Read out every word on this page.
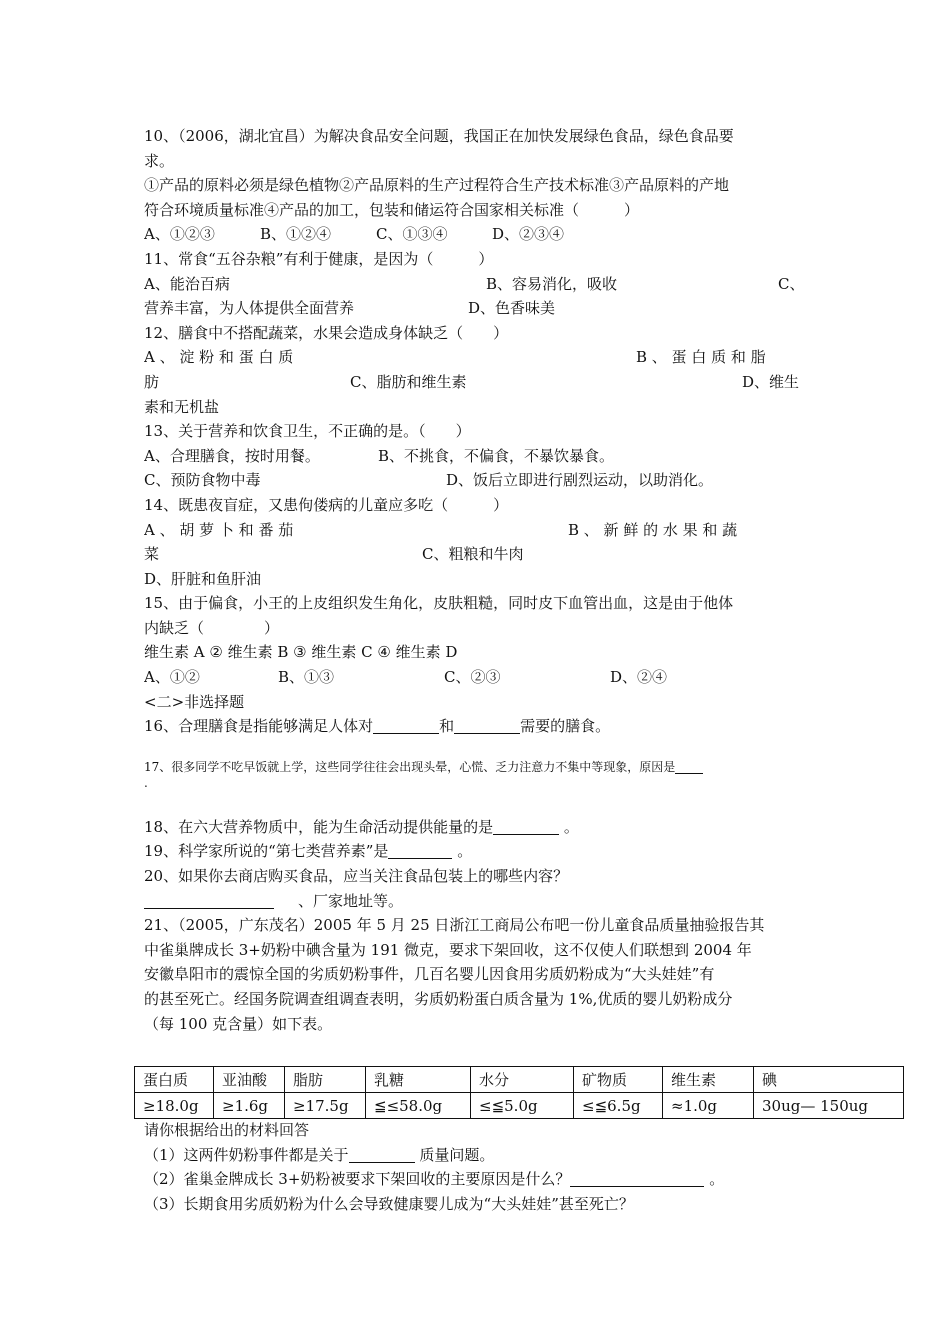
10、（2006，湖北宜昌）为解决食品安全问题，我国正在加快发展绿色食品，绿色食品要
求。
①产品的原料必须是绿色植物②产品原料的生产过程符合生产技术标准③产品原料的产地
符合环境质量标准④产品的加工，包装和储运符合国家相关标准（　　　）
A、①②③	B、①②④	C、①③④	D、②③④
11、常食“五谷杂粮”有利于健康，是因为（　　　）
A、能治百病	B、容易消化，吸收	C、
营养丰富，为人体提供全面营养	D、色香味美
12、膳食中不搭配蔬菜，水果会造成身体缺乏（　　）
A 、 淀 粉 和 蛋 白 质	B 、 蛋 白 质 和 脂
肪	C、脂肪和维生素	D、维生
素和无机盐
13、关于营养和饮食卫生，不正确的是。（　　）
A、合理膳食，按时用餐。	B、不挑食，不偏食，不暴饮暴食。
C、预防食物中毒	D、饭后立即进行剧烈运动，以助消化。
14、既患夜盲症，又患佝偻病的儿童应多吃（　　　）
A 、 胡 萝 卜 和 番 茄	B 、 新 鲜 的 水 果 和 蔬
菜	C、粗粮和牛肉
D、肝脏和鱼肝油
15、由于偏食，小王的上皮组织发生角化，皮肤粗糙，同时皮下血管出血，这是由于他体
内缺乏（　　　　）
维生素 A ② 维生素 B ③ 维生素 C ④ 维生素 D
A、①②	B、①③	C、②③	D、②④
<二>非选择题
16、合理膳食是指能够满足人体对	和	需要的膳食。
17、很多同学不吃早饭就上学，这些同学往往会出现头晕，心慌、乏力注意力不集中等现象，原因是
.
18、在六大营养物质中，能为生命活动提供能量的是	。
19、科学家所说的“第七类营养素”是	。
20、如果你去商店购买食品，应当关注食品包装上的哪些内容？
、厂家地址等。
21、（2005，广东茂名）2005 年 5 月 25 日浙江工商局公布吧一份儿童食品质量抽验报告其
中雀巢牌成长 3+奶粉中碘含量为 191 微克，要求下架回收，这不仅使人们联想到 2004 年
安徽阜阳市的震惊全国的劣质奶粉事件，几百名婴儿因食用劣质奶粉成为“大头娃娃”有
的甚至死亡。经国务院调查组调查表明，劣质奶粉蛋白质含量为 1%,优质的婴儿奶粉成分
（每 100 克含量）如下表。
蛋白质	亚油酸	脂肪	乳糖	水分	矿物质	维生素	碘
≥18.0g	≥1.6g	≥17.5g	≦≤58.0g	≤≦5.0g	≤≦6.5g	≈1.0g	30ug— 150ug
请你根据给出的材料回答
（1）这两件奶粉事件都是关于	质量问题。
（2）雀巢金牌成长 3+奶粉被要求下架回收的主要原因是什么？	。
（3）长期食用劣质奶粉为什么会导致健康婴儿成为“大头娃娃”甚至死亡？
